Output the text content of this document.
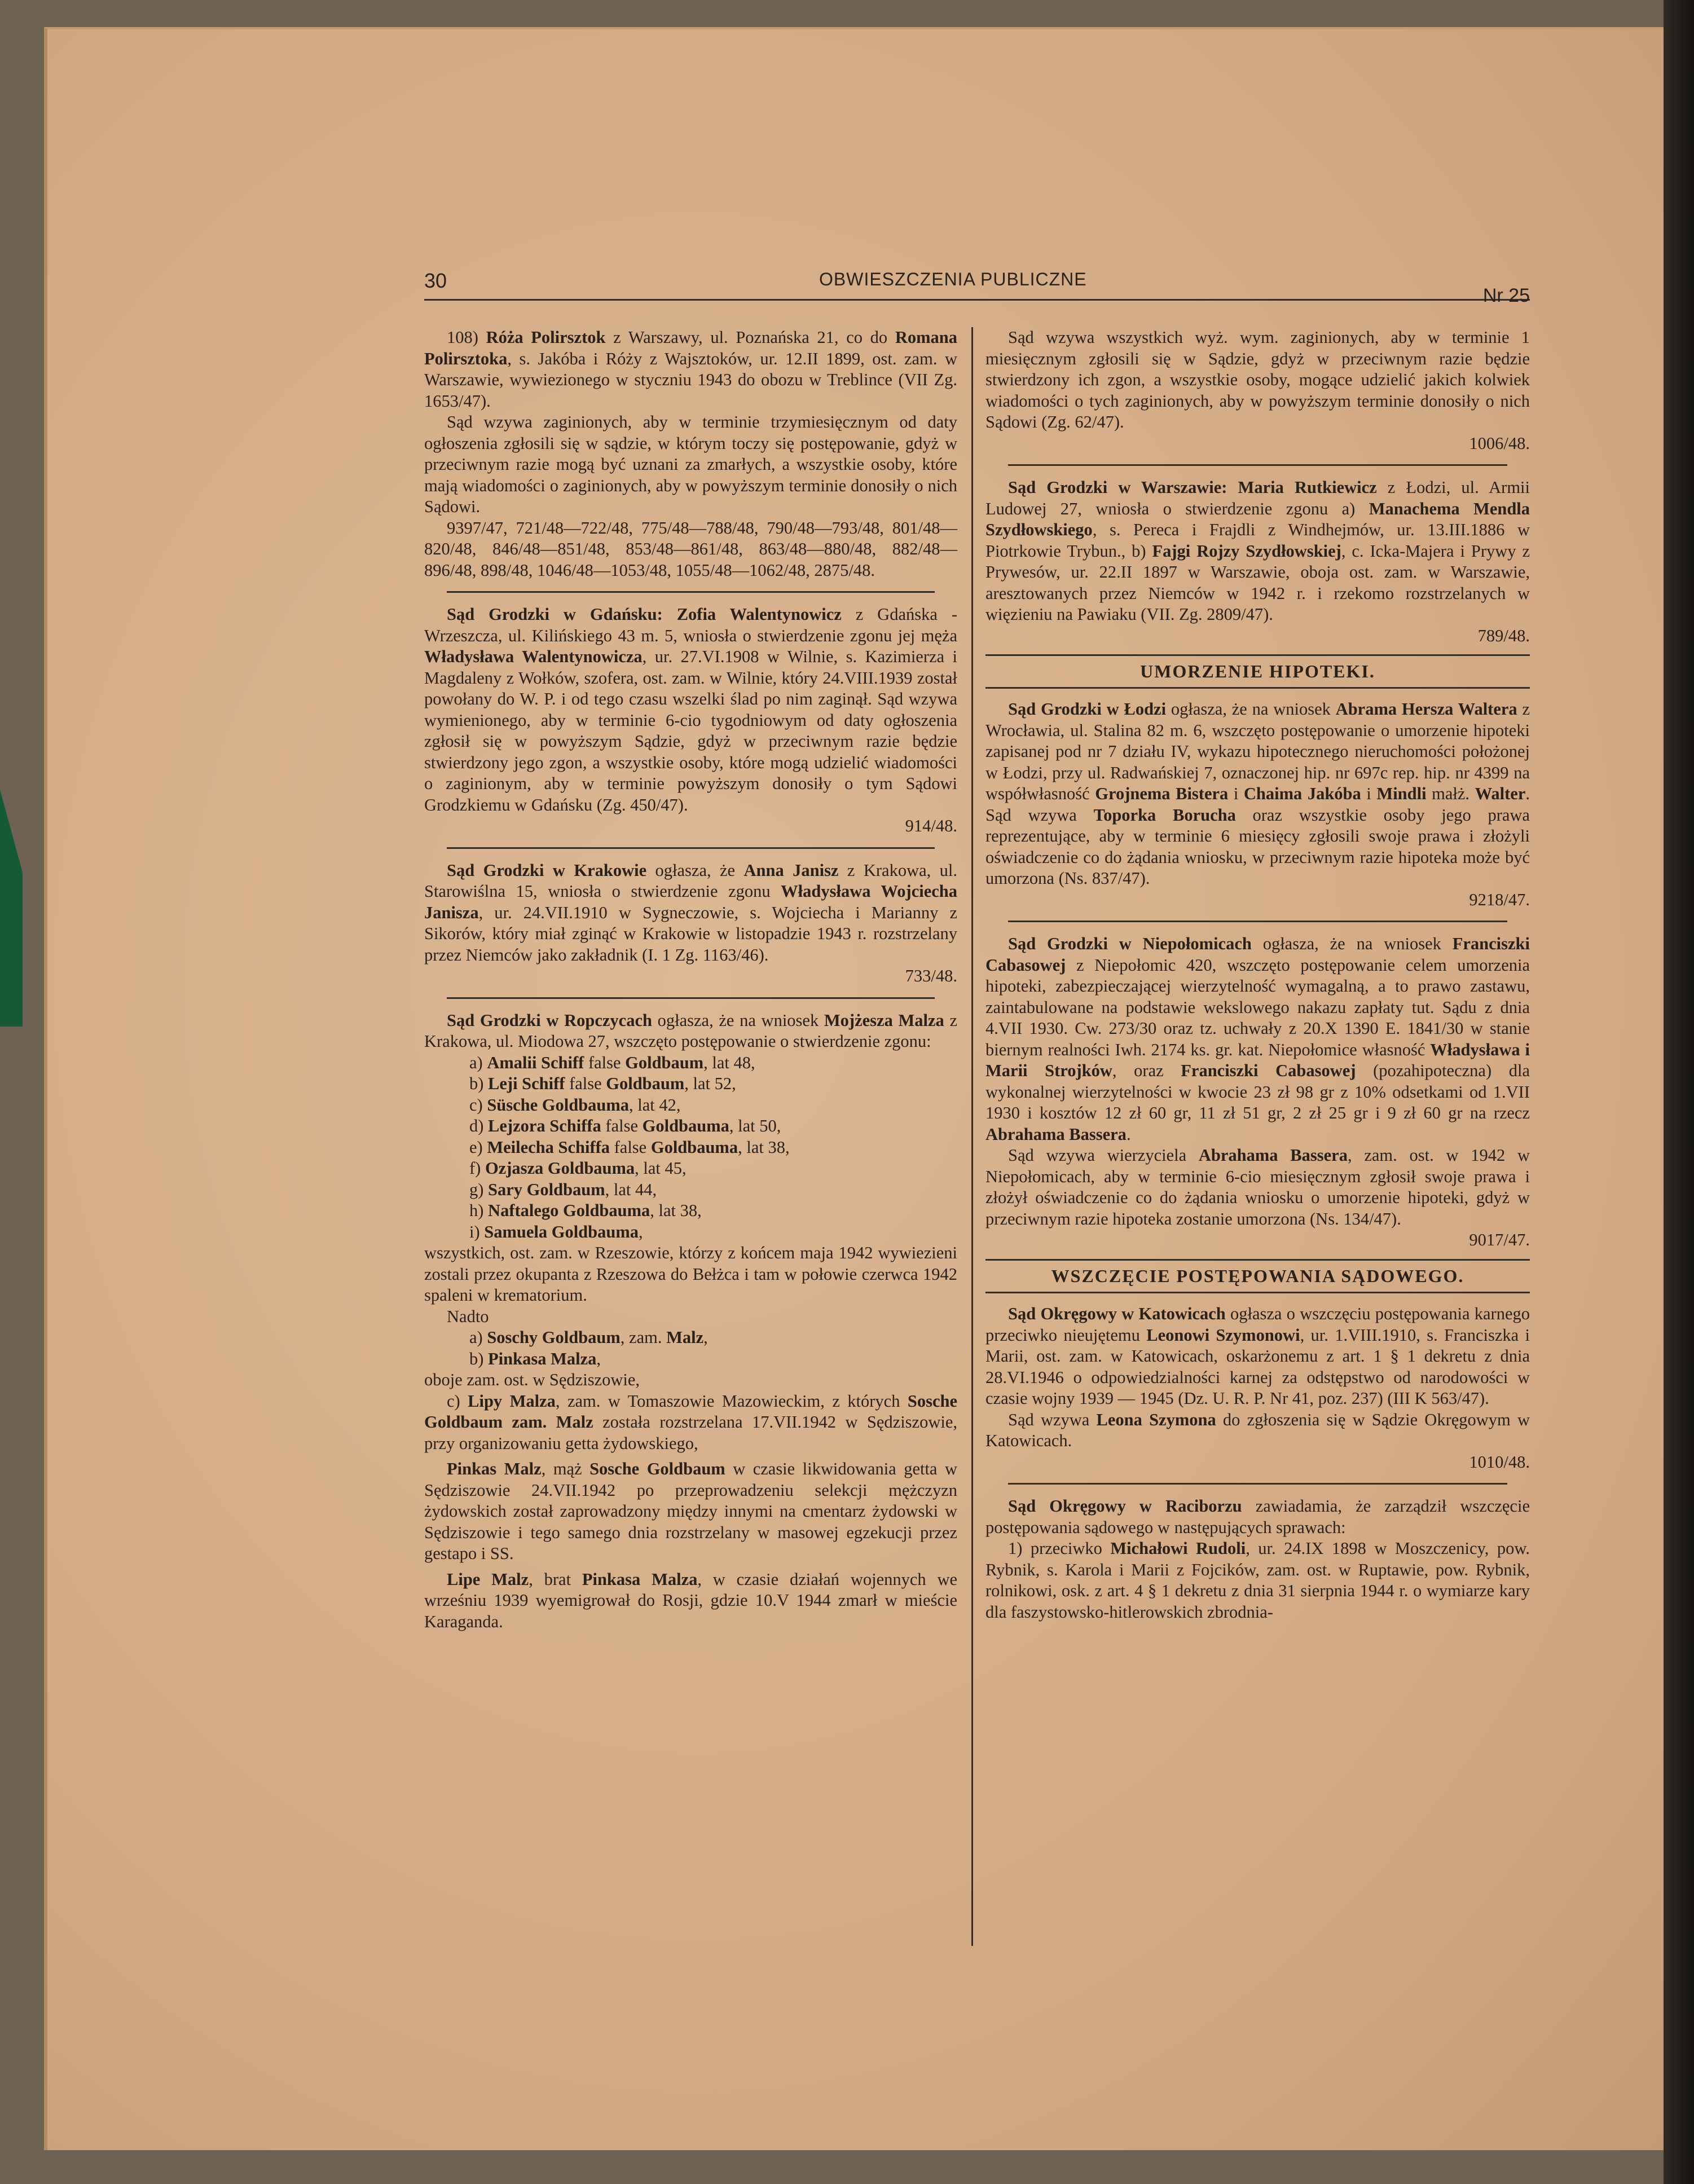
30	OBWIESZCZENIA PUBLICZNE
Nr 25

108) Róża Polirsztok z Warszawy, ul. Poznańska 21, co do Romana Polirsztoka, s. Jakóba i Róży z Wajsztoków, ur. 12.II 1899, ost. zam. w Warszawie, wywiezionego w styczniu 1943 do obozu w Treblince (VII Zg. 1653/47).

Sąd wzywa zaginionych, aby w terminie trzymiesięcznym od daty ogłoszenia zgłosili się w sądzie, w którym toczy się postępowanie, gdyż w przeciwnym razie mogą być uznani za zmarłych, a wszystkie osoby, które mają wiadomości o zaginionych, aby w powyższym terminie donosiły o nich Sądowi.

9397/47, 721/48—722/48, 775/48—788/48, 790/48—793/48, 801/48—820/48, 846/48—851/48, 853/48—861/48, 863/48—880/48, 882/48—896/48, 898/48, 1046/48—1053/48, 1055/48—1062/48, 2875/48.

Sąd Grodzki w Gdańsku: Zofia Walentynowicz z Gdańska - Wrzeszcza, ul. Kilińskiego 43 m. 5, wniosła o stwierdzenie zgonu jej męża Władysława Walentynowicza, ur. 27.VI.1908 w Wilnie, s. Kazimierza i Magdaleny z Wołków, szofera, ost. zam. w Wilnie, który 24.VIII.1939 został powołany do W. P. i od tego czasu wszelki ślad po nim zaginął. Sąd wzywa wymienionego, aby w terminie 6-cio tygodniowym od daty ogłoszenia zgłosił się w powyższym Sądzie, gdyż w przeciwnym razie będzie stwierdzony jego zgon, a wszystkie osoby, które mogą udzielić wiadomości o zaginionym, aby w terminie powyższym donosiły o tym Sądowi Grodzkiemu w Gdańsku (Zg. 450/47).

914/48.

Sąd Grodzki w Krakowie ogłasza, że Anna Janisz z Krakowa, ul. Starowiślna 15, wniosła o stwierdzenie zgonu Władysława Wojciecha Janisza, ur. 24.VII.1910 w Sygneczowie, s. Wojciecha i Marianny z Sikorów, który miał zginąć w Krakowie w listopadzie 1943 r. rozstrzelany przez Niemców jako zakładnik (I. 1 Zg. 1163/46).

733/48.

Sąd Grodzki w Ropczycach ogłasza, że na wniosek Mojżesza Malza z Krakowa, ul. Miodowa 27, wszczęto postępowanie o stwierdzenie zgonu:

a) Amalii Schiff false Goldbaum, lat 48,
b) Leji Schiff false Goldbaum, lat 52,
c) Süsche Goldbauma, lat 42,
d) Lejzora Schiffa false Goldbauma, lat 50,
e) Meilecha Schiffa false Goldbauma, lat 38,
f) Ozjasza Goldbauma, lat 45,
g) Sary Goldbaum, lat 44,
h) Naftalego Goldbauma, lat 38,
i) Samuela Goldbauma,

wszystkich, ost. zam. w Rzeszowie, którzy z końcem maja 1942 wywiezieni zostali przez okupanta z Rzeszowa do Bełżca i tam w połowie czerwca 1942 spaleni w krematorium.

Nadto

a) Soschy Goldbaum, zam. Malz,
b) Pinkasa Malza,

oboje zam. ost. w Sędziszowie,

c) Lipy Malza, zam. w Tomaszowie Mazowieckim, z których Sosche Goldbaum zam. Malz została rozstrzelana 17.VII.1942 w Sędziszowie, przy organizowaniu getta żydowskiego,

Pinkas Malz, mąż Sosche Goldbaum w czasie likwidowania getta w Sędziszowie 24.VII.1942 po przeprowadzeniu selekcji mężczyzn żydowskich został zaprowadzony między innymi na cmentarz żydowski w Sędziszowie i tego samego dnia rozstrzelany w masowej egzekucji przez gestapo i SS.

Lipe Malz, brat Pinkasa Malza, w czasie działań wojennych we wrześniu 1939 wyemigrował do Rosji, gdzie 10.V 1944 zmarł w mieście Karaganda.

Sąd wzywa wszystkich wyż. wym. zaginionych, aby w terminie 1 miesięcznym zgłosili się w Sądzie, gdyż w przeciwnym razie będzie stwierdzony ich zgon, a wszystkie osoby, mogące udzielić jakich kolwiek wiadomości o tych zaginionych, aby w powyższym terminie donosiły o nich Sądowi (Zg. 62/47).

1006/48.

Sąd Grodzki w Warszawie: Maria Rutkiewicz z Łodzi, ul. Armii Ludowej 27, wniosła o stwierdzenie zgonu a) Manachema Mendla Szydłowskiego, s. Pereca i Frajdli z Windhejmów, ur. 13.III.1886 w Piotrkowie Trybun., b) Fajgi Rojzy Szydłowskiej, c. Icka-Majera i Prywy z Prywesów, ur. 22.II 1897 w Warszawie, oboja ost. zam. w Warszawie, aresztowanych przez Niemców w 1942 r. i rzekomo rozstrzelanych w więzieniu na Pawiaku (VII. Zg. 2809/47).

789/48.

UMORZENIE HIPOTEKI.

Sąd Grodzki w Łodzi ogłasza, że na wniosek Abrama Hersza Waltera z Wrocławia, ul. Stalina 82 m. 6, wszczęto postępowanie o umorzenie hipoteki zapisanej pod nr 7 działu IV, wykazu hipotecznego nieruchomości położonej w Łodzi, przy ul. Radwańskiej 7, oznaczonej hip. nr 697c rep. hip. nr 4399 na współwłasność Grojnema Bistera i Chaima Jakóba i Mindli małż. Walter. Sąd wzywa Toporka Borucha oraz wszystkie osoby jego prawa reprezentujące, aby w terminie 6 miesięcy zgłosili swoje prawa i złożyli oświadczenie co do żądania wniosku, w przeciwnym razie hipoteka może być umorzona (Ns. 837/47).

9218/47.

Sąd Grodzki w Niepołomicach ogłasza, że na wniosek Franciszki Cabasowej z Niepołomic 420, wszczęto postępowanie celem umorzenia hipoteki, zabezpieczającej wierzytelność wymagalną, a to prawo zastawu, zaintabulowane na podstawie wekslowego nakazu zapłaty tut. Sądu z dnia 4.VII 1930. Cw. 273/30 oraz tz. uchwały z 20.X 1390 E. 1841/30 w stanie biernym realności Iwh. 2174 ks. gr. kat. Niepołomice własność Władysława i Marii Strojków, oraz Franciszki Cabasowej (pozahipoteczna) dla wykonalnej wierzytelności w kwocie 23 zł 98 gr z 10% odsetkami od 1.VII 1930 i kosztów 12 zł 60 gr, 11 zł 51 gr, 2 zł 25 gr i 9 zł 60 gr na rzecz Abrahama Bassera.

Sąd wzywa wierzyciela Abrahama Bassera, zam. ost. w 1942 w Niepołomicach, aby w terminie 6-cio miesięcznym zgłosił swoje prawa i złożył oświadczenie co do żądania wniosku o umorzenie hipoteki, gdyż w przeciwnym razie hipoteka zostanie umorzona (Ns. 134/47).

9017/47.

WSZCZĘCIE POSTĘPOWANIA SĄDOWEGO.

Sąd Okręgowy w Katowicach ogłasza o wszczęciu postępowania karnego przeciwko nieujętemu Leonowi Szymonowi, ur. 1.VIII.1910, s. Franciszka i Marii, ost. zam. w Katowicach, oskarżonemu z art. 1 § 1 dekretu z dnia 28.VI.1946 o odpowiedzialności karnej za odstępstwo od narodowości w czasie wojny 1939 — 1945 (Dz. U. R. P. Nr 41, poz. 237) (III K 563/47).

Sąd wzywa Leona Szymona do zgłoszenia się w Sądzie Okręgowym w Katowicach.

1010/48.

Sąd Okręgowy w Raciborzu zawiadamia, że zarządził wszczęcie postępowania sądowego w następujących sprawach:

1) przeciwko Michałowi Rudoli, ur. 24.IX 1898 w Moszczenicy, pow. Rybnik, s. Karola i Marii z Fojcików, zam. ost. w Ruptawie, pow. Rybnik, rolnikowi, osk. z art. 4 § 1 dekretu z dnia 31 sierpnia 1944 r. o wymiarze kary dla faszystowsko-hitlerowskich zbrodnia-
